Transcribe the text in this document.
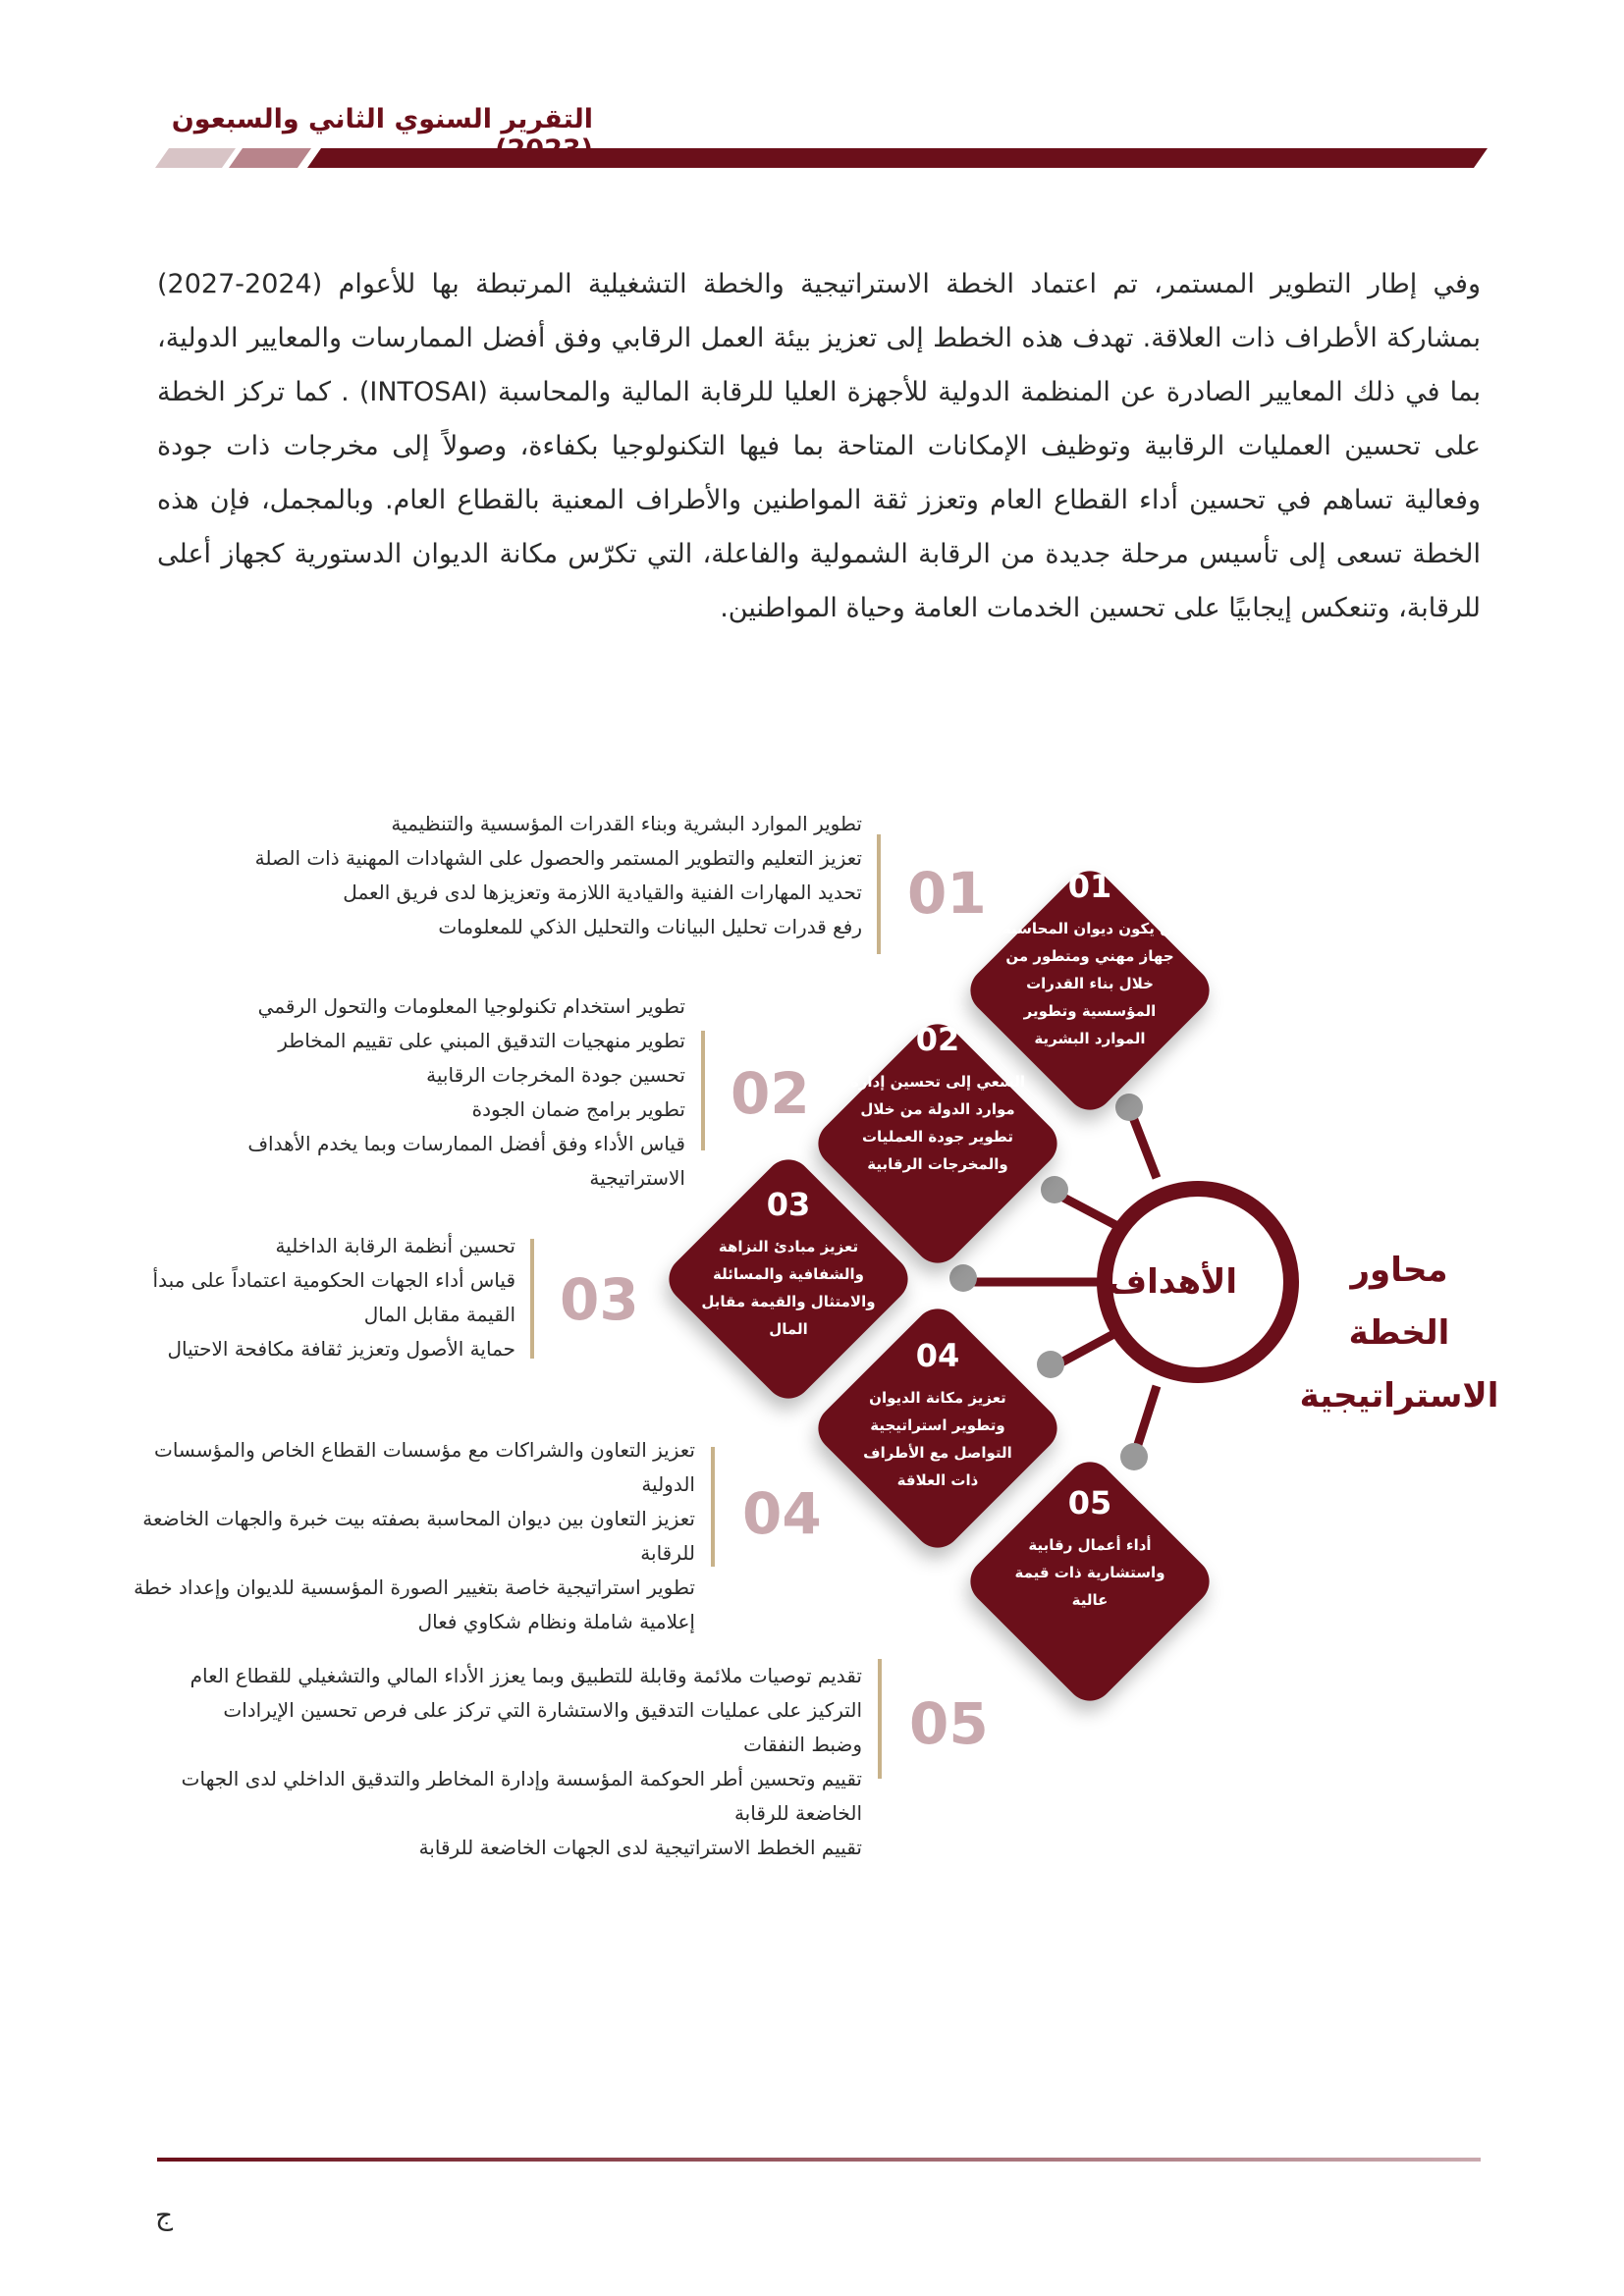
التقرير السنوي الثاني والسبعون
وفي إطار التطوير المستمر، تم اعتماد الخطة الاستراتيجية والخطة التشغيلية المرتبطة بها للأعوام (2024-2027) بمشاركة الأطراف ذات العلاقة. تهدف هذه الخطط إلى تعزيز بيئة العمل الرقابي وفق أفضل الممارسات والمعايير الدولية، بما في ذلك المعايير الصادرة عن المنظمة الدولية للأجهزة العليا للرقابة المالية والمحاسبة (INTOSAI) . كما تركز الخطة على تحسين العمليات الرقابية وتوظيف الإمكانات المتاحة بما فيها التكنولوجيا بكفاءة، وصولاً إلى مخرجات ذات جودة وفعالية تساهم في تحسين أداء القطاع العام وتعزز ثقة المواطنين والأطراف المعنية بالقطاع العام. وبالمجمل، فإن هذه الخطة تسعى إلى تأسيس مرحلة جديدة من الرقابة الشمولية والفاعلة، التي تكرّس مكانة الديوان الدستورية كجهاز أعلى للرقابة، وتنعكس إيجابيًا على تحسين الخدمات العامة وحياة المواطنين.
الأهداف	محاور الخطة الاستراتيجية
01
أن يكون ديوان المحاسبة جهاز مهني ومتطور من خلال بناء القدرات المؤسسية وتطوير الموارد البشرية
02
السعي إلى تحسين إدارة موارد الدولة من خلال تطوير جودة العمليات والمخرجات الرقابية
03
تعزيز مبادئ النزاهة والشفافية والمسائلة والامتثال والقيمة مقابل المال
04
تعزيز مكانة الديوان وتطوير استراتيجية التواصل مع الأطراف ذات العلاقة
05
أداء أعمال رقابية واستشارية ذات قيمة عالية
01
تطوير الموارد البشرية وبناء القدرات المؤسسية والتنظيمية
تعزيز التعليم والتطوير المستمر والحصول على الشهادات المهنية ذات الصلة
تحديد المهارات الفنية والقيادية اللازمة وتعزيزها لدى فريق العمل
رفع قدرات تحليل البيانات والتحليل الذكي للمعلومات
02
تطوير استخدام تكنولوجيا المعلومات والتحول الرقمي
تطوير منهجيات التدقيق المبني على تقييم المخاطر
تحسين جودة المخرجات الرقابية
تطوير برامج ضمان الجودة
قياس الأداء وفق أفضل الممارسات وبما يخدم الأهداف الاستراتيجية
03
تحسين أنظمة الرقابة الداخلية
قياس أداء الجهات الحكومية اعتماداً على مبدأ القيمة مقابل المال
حماية الأصول وتعزيز ثقافة مكافحة الاحتيال
04
تعزيز التعاون والشراكات مع مؤسسات القطاع الخاص والمؤسسات الدولية
تعزيز التعاون بين ديوان المحاسبة بصفته بيت خبرة والجهات الخاضعة للرقابة
تطوير استراتيجية خاصة بتغيير الصورة المؤسسية للديوان وإعداد خطة إعلامية شاملة ونظام شكاوي فعال
05
تقديم توصيات ملائمة وقابلة للتطبيق وبما يعزز الأداء المالي والتشغيلي للقطاع العام
التركيز على عمليات التدقيق والاستشارة التي تركز على فرص تحسين الإيرادات وضبط النفقات
تقييم وتحسين أطر الحوكمة المؤسسة وإدارة المخاطر والتدقيق الداخلي لدى الجهات الخاضعة للرقابة
تقييم الخطط الاستراتيجية لدى الجهات الخاضعة للرقابة
ج
